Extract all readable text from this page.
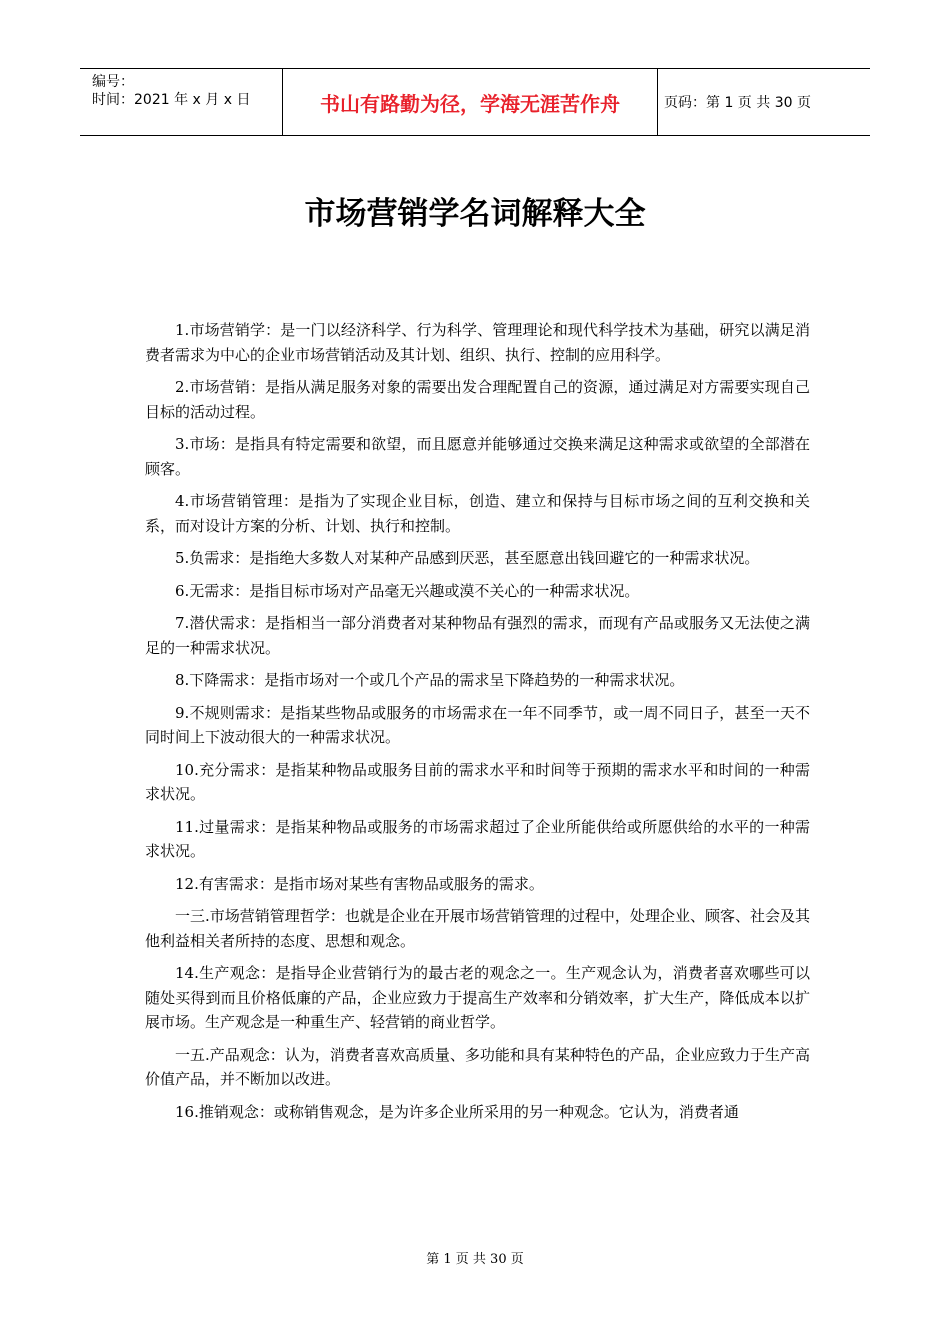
编号：
时间：2021 年 x 月 x 日	书山有路勤为径，学海无涯苦作舟	页码：第 1 页 共 30 页
市场营销学名词解释大全

1.市场营销学：是一门以经济科学、行为科学、管理理论和现代科学技术为基础，研究以满足消费者需求为中心的企业市场营销活动及其计划、组织、执行、控制的应用科学。

2.市场营销：是指从满足服务对象的需要出发合理配置自己的资源，通过满足对方需要实现自己目标的活动过程。

3.市场：是指具有特定需要和欲望，而且愿意并能够通过交换来满足这种需求或欲望的全部潜在顾客。

4.市场营销管理：是指为了实现企业目标，创造、建立和保持与目标市场之间的互利交换和关系，而对设计方案的分析、计划、执行和控制。

5.负需求：是指绝大多数人对某种产品感到厌恶，甚至愿意出钱回避它的一种需求状况。

6.无需求：是指目标市场对产品毫无兴趣或漠不关心的一种需求状况。

7.潜伏需求：是指相当一部分消费者对某种物品有强烈的需求，而现有产品或服务又无法使之满足的一种需求状况。

8.下降需求：是指市场对一个或几个产品的需求呈下降趋势的一种需求状况。

9.不规则需求：是指某些物品或服务的市场需求在一年不同季节，或一周不同日子，甚至一天不同时间上下波动很大的一种需求状况。

10.充分需求：是指某种物品或服务目前的需求水平和时间等于预期的需求水平和时间的一种需求状况。

11.过量需求：是指某种物品或服务的市场需求超过了企业所能供给或所愿供给的水平的一种需求状况。

12.有害需求：是指市场对某些有害物品或服务的需求。

一三.市场营销管理哲学：也就是企业在开展市场营销管理的过程中，处理企业、顾客、社会及其他利益相关者所持的态度、思想和观念。

14.生产观念：是指导企业营销行为的最古老的观念之一。生产观念认为，消费者喜欢哪些可以随处买得到而且价格低廉的产品，企业应致力于提高生产效率和分销效率，扩大生产，降低成本以扩展市场。生产观念是一种重生产、轻营销的商业哲学。

一五.产品观念：认为，消费者喜欢高质量、多功能和具有某种特色的产品，企业应致力于生产高价值产品，并不断加以改进。

16.推销观念：或称销售观念，是为许多企业所采用的另一种观念。它认为，消费者通

第 1 页 共 30 页
